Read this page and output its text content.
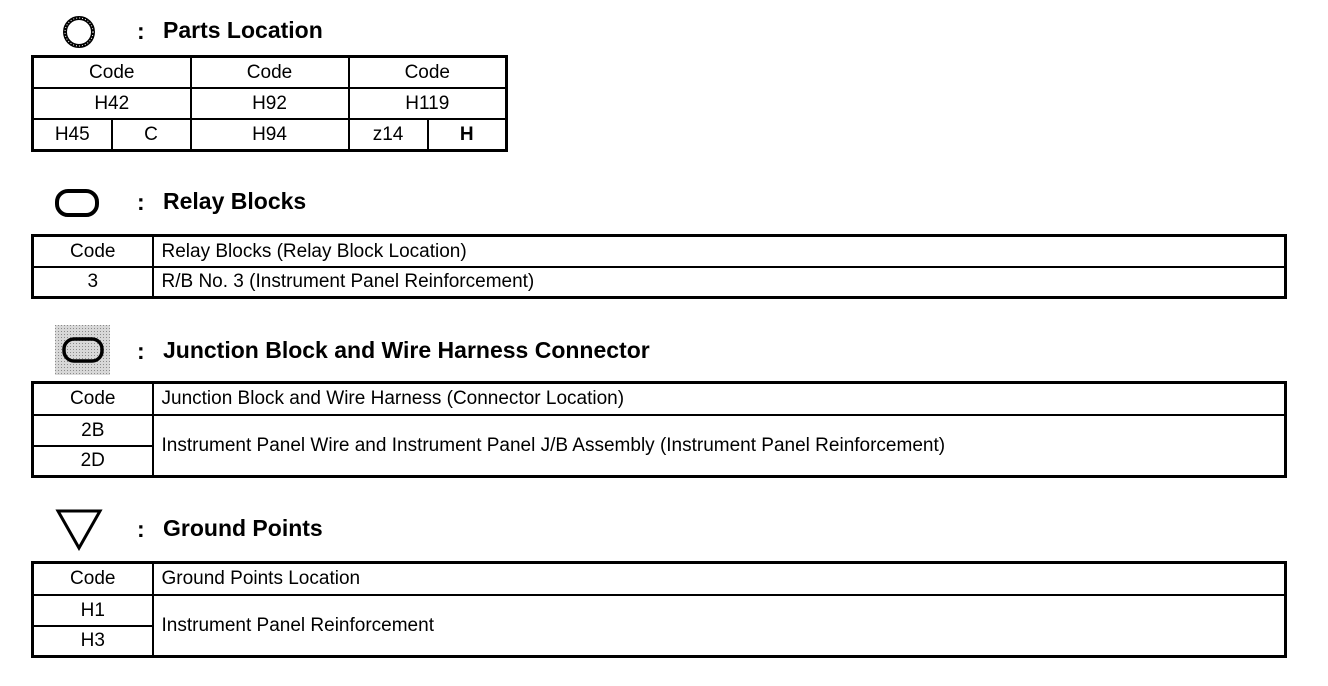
: Parts Location
Code		Code	Code	
H42		H92	H119	
H45	C	H94	z14	H
: Relay Blocks
Code	Relay Blocks (Relay Block Location)
3	R/B No. 3 (Instrument Panel Reinforcement)
: Junction Block and Wire Harness Connector
Code	Junction Block and Wire Harness (Connector Location)
2B	Instrument Panel Wire and Instrument Panel J/B Assembly (Instrument Panel Reinforcement)
2D	
: Ground Points
Code	Ground Points Location
H1	Instrument Panel Reinforcement
H3	
